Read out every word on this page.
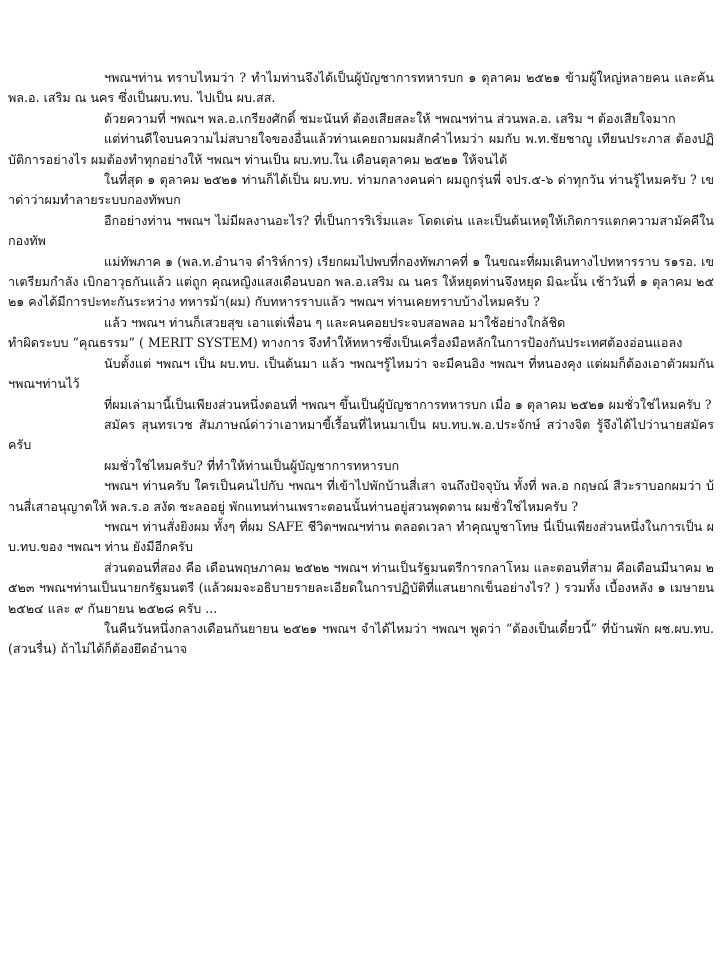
ฯพณฯท่าน ทราบไหมว่า ? ทำไมท่านจึงได้เป็นผู้บัญชาการทหารบก ๑ ตุลาคม ๒๕๒๑ ข้ามผู้ใหญ่หลายคน และค้นพล.อ. เสริม ณ นคร ซึ่งเป็นผบ.ทบ. ไปเป็น ผบ.สส.

ด้วยความที่ ฯพณฯ พล.อ.เกรียงศักดิ์ ชมะนันท์ ต้องเสียสละให้ ฯพณฯท่าน ส่วนพล.อ. เสริม ฯ ต้องเสียใจมาก

แต่ท่านดีใจบนความไม่สบายใจของอื่นแล้วท่านเคยถามผมสักคำไหมว่า ผมกับ พ.ท.ชัยชาญู เทียนประภาส ต้องปฏิบัติการอย่างไร ผมต้องทำทุกอย่างให้ ฯพณฯ ท่านเป็น ผบ.ทบ.ใน เดือนตุลาคม ๒๕๒๑ ให้จนได้

ในที่สุด ๑ ตุลาคม ๒๕๒๑ ท่านก็ได้เป็น ผบ.ทบ. ท่ามกลางคนค่า ผมถูกรุ่นพี่ จปร.๕-๖ ด่าทุกวัน ท่านรู้ไหมครับ ? เขาด่าว่าผมทำลายระบบกองทัพบก

อีกอย่างท่าน ฯพณฯ ไม่มีผลงานอะไร? ที่เป็นการริเริ่มและ โดดเด่น และเป็นต้นเหตุให้เกิดการแตกความสามัคคีในกองทัพ

แม่ทัพภาค ๑ (พล.ท.อำนาจ ดำริห์การ) เรียกผมไปพบที่กองทัพภาคที่ ๑ ในขณะที่ผมเดินทางไปทหารราบ ร๑รอ. เขาเตรียมกำลัง เบิกอาวุธกันแล้ว แต่ถูก คุณหญิงแสงเดือนบอก พล.อ.เสริม ณ นคร ให้หยุดท่านจึงหยุด มิฉะนั้น เช้าวันที่ ๑ ตุลาคม ๒๕๒๑ คงได้มีการปะทะกันระหว่าง ทหารม้า(ผม) กับทหารราบแล้ว ฯพณฯ ท่านเคยทราบบ้างไหมครับ ?

แล้ว ฯพณฯ ท่านก็เสวยสุข เอาแต่เพื่อน ๆ และคนคอยประจบสอพลอ มาใช้อย่างใกล้ชิด

ทำผิดระบบ “คุณธรรม” ( MERIT SYSTEM) ทางการ จึงทำให้ทหารซึ่งเป็นเครื่องมือหลักในการป้องกันประเทศต้องอ่อนแอลง

นับตั้งแต่ ฯพณฯ เป็น ผบ.ทบ. เป็นต้นมา แล้ว ฯพณฯรู้ไหมว่า จะมีคนอิง ฯพณฯ ที่หนองคุง แต่ผมก็ต้องเอาตัวผมกัน ฯพณฯท่านไว้

ที่ผมเล่ามานี้เป็นเพียงส่วนหนึ่งตอนที่ ฯพณฯ ขึ้นเป็นผู้บัญชาการทหารบก เมื่อ ๑ ตุลาคม ๒๕๒๑ ผมชั่วใช่ไหมครับ ?

สมัคร สุนทรเวช สัมภาษณ์ด่าว่าเอาหมาขี้เรื้อนที่ไหนมาเป็น ผบ.ทบ.พ.อ.ประจักษ์ สว่างจิต รู้จึงได้ไปว่านายสมัคร ครับ

ผมชั่วใช่ไหมครับ? ที่ทำให้ท่านเป็นผู้บัญชาการทหารบก

ฯพณฯ ท่านครับ ใครเป็นคนไปกับ ฯพณฯ ที่เข้าไปพักบ้านสี่เสา จนถึงปัจจุบัน ทั้งที่ พล.อ กฤษณ์ สีวะราบอกผมว่า บ้านสี่เสาอนุญาตให้ พล.ร.อ สงัด ชะลออยู่ พักแทนท่านเพราะตอนนั้นท่านอยู่สวนพุดตาน ผมชั่วใช่ไหมครับ ?

ฯพณฯ ท่านสั่งยิงผม ทั้งๆ ที่ผม SAFE ชีวิตฯพณฯท่าน ตลอดเวลา ทำคุณบูชาโทษ นี่เป็นเพียงส่วนหนึ่งในการเป็น ผบ.ทบ.ของ ฯพณฯ ท่าน ยังมีอีกครับ

ส่วนตอนที่สอง คือ เดือนพฤษภาคม ๒๕๒๒ ฯพณฯ ท่านเป็นรัฐมนตรีการกลาโหม และตอนที่สาม คือเดือนมีนาคม ๒๕๒๓ ฯพณฯท่านเป็นนายกรัฐมนตรี (แล้วผมจะอธิบายรายละเอียดในการปฏิบัติที่แสนยากเข็นอย่างไร? ) รวมทั้ง เบื้องหลัง ๑ เมษายน ๒๕๒๔ และ ๙ กันยายน ๒๕๒๘ ครับ ...

ในคืนวันหนึ่งกลางเดือนกันยายน ๒๕๒๑ ฯพณฯ จำได้ไหมว่า ฯพณฯ พูดว่า “ต้องเป็นเดี๋ยวนี้” ที่บ้านพัก ผช.ผบ.ทบ. (สวนรื่น) ถ้าไม่ได้ก็ต้องยึดอำนาจ
